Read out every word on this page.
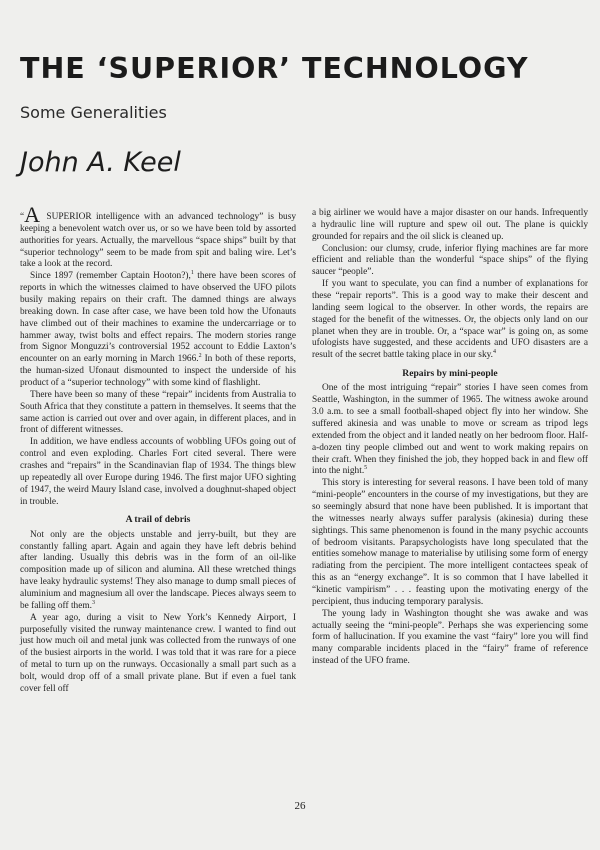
THE ‘SUPERIOR’ TECHNOLOGY
Some Generalities
John A. Keel

“A SUPERIOR intelligence with an advanced technology” is busy keeping a benevolent watch over us, or so we have been told by assorted authorities for years. Actually, the marvellous “space ships” built by that “superior technology” seem to be made from spit and baling wire. Let’s take a look at the record.

Since 1897 (remember Captain Hooton?),$^1$ there have been scores of reports in which the witnesses claimed to have observed the UFO pilots busily making repairs on their craft. The damned things are always breaking down. In case after case, we have been told how the Ufonauts have climbed out of their machines to examine the undercarriage or to hammer away, twist bolts and effect repairs. The modern stories range from Signor Monguzzi’s controversial 1952 account to Eddie Laxton’s encounter on an early morning in March 1966.$^2$ In both of these reports, the human-sized Ufonaut dismounted to inspect the underside of his product of a “superior technology” with some kind of flashlight.

There have been so many of these “repair” incidents from Australia to South Africa that they constitute a pattern in themselves. It seems that the same action is carried out over and over again, in different places, and in front of different witnesses.

In addition, we have endless accounts of wobbling UFOs going out of control and even exploding. Charles Fort cited several. There were crashes and “repairs” in the Scandinavian flap of 1934. The things blew up repeatedly all over Europe during 1946. The first major UFO sighting of 1947, the weird Maury Island case, involved a doughnut-shaped object in trouble.

A trail of debris

Not only are the objects unstable and jerry-built, but they are constantly falling apart. Again and again they have left debris behind after landing. Usually this debris was in the form of an oil-like composition made up of silicon and alumina. All these wretched things have leaky hydraulic systems! They also manage to dump small pieces of aluminium and magnesium all over the landscape. Pieces always seem to be falling off them.$^3$

A year ago, during a visit to New York’s Kennedy Airport, I purposefully visited the runway maintenance crew. I wanted to find out just how much oil and metal junk was collected from the runways of one of the busiest airports in the world. I was told that it was rare for a piece of metal to turn up on the runways. Occasionally a small part such as a bolt, would drop off of a small private plane. But if even a fuel tank cover fell off

a big airliner we would have a major disaster on our hands. Infrequently a hydraulic line will rupture and spew oil out. The plane is quickly grounded for repairs and the oil slick is cleaned up.

Conclusion: our clumsy, crude, inferior flying machines are far more efficient and reliable than the wonderful “space ships” of the flying saucer “people”.

If you want to speculate, you can find a number of explanations for these “repair reports”. This is a good way to make their descent and landing seem logical to the observer. In other words, the repairs are staged for the benefit of the witnesses. Or, the objects only land on our planet when they are in trouble. Or, a “space war” is going on, as some ufologists have suggested, and these accidents and UFO disasters are a result of the secret battle taking place in our sky.$^4$

Repairs by mini-people

One of the most intriguing “repair” stories I have seen comes from Seattle, Washington, in the summer of 1965. The witness awoke around 3.0 a.m. to see a small football-shaped object fly into her window. She suffered akinesia and was unable to move or scream as tripod legs extended from the object and it landed neatly on her bedroom floor. Half-a-dozen tiny people climbed out and went to work making repairs on their craft. When they finished the job, they hopped back in and flew off into the night.$^5$

This story is interesting for several reasons. I have been told of many “mini-people” encounters in the course of my investigations, but they are so seemingly absurd that none have been published. It is important that the witnesses nearly always suffer paralysis (akinesia) during these sightings. This same phenomenon is found in the many psychic accounts of bedroom visitants. Parapsychologists have long speculated that the entities somehow manage to materialise by utilising some form of energy radiating from the percipient. The more intelligent contactees speak of this as an “energy exchange”. It is so common that I have labelled it “kinetic vampirism” . . . feasting upon the motivating energy of the percipient, thus inducing temporary paralysis.

The young lady in Washington thought she was awake and was actually seeing the “mini-people”. Perhaps she was experiencing some form of hallucination. If you examine the vast “fairy” lore you will find many comparable incidents placed in the “fairy” frame of reference instead of the UFO frame.

26
